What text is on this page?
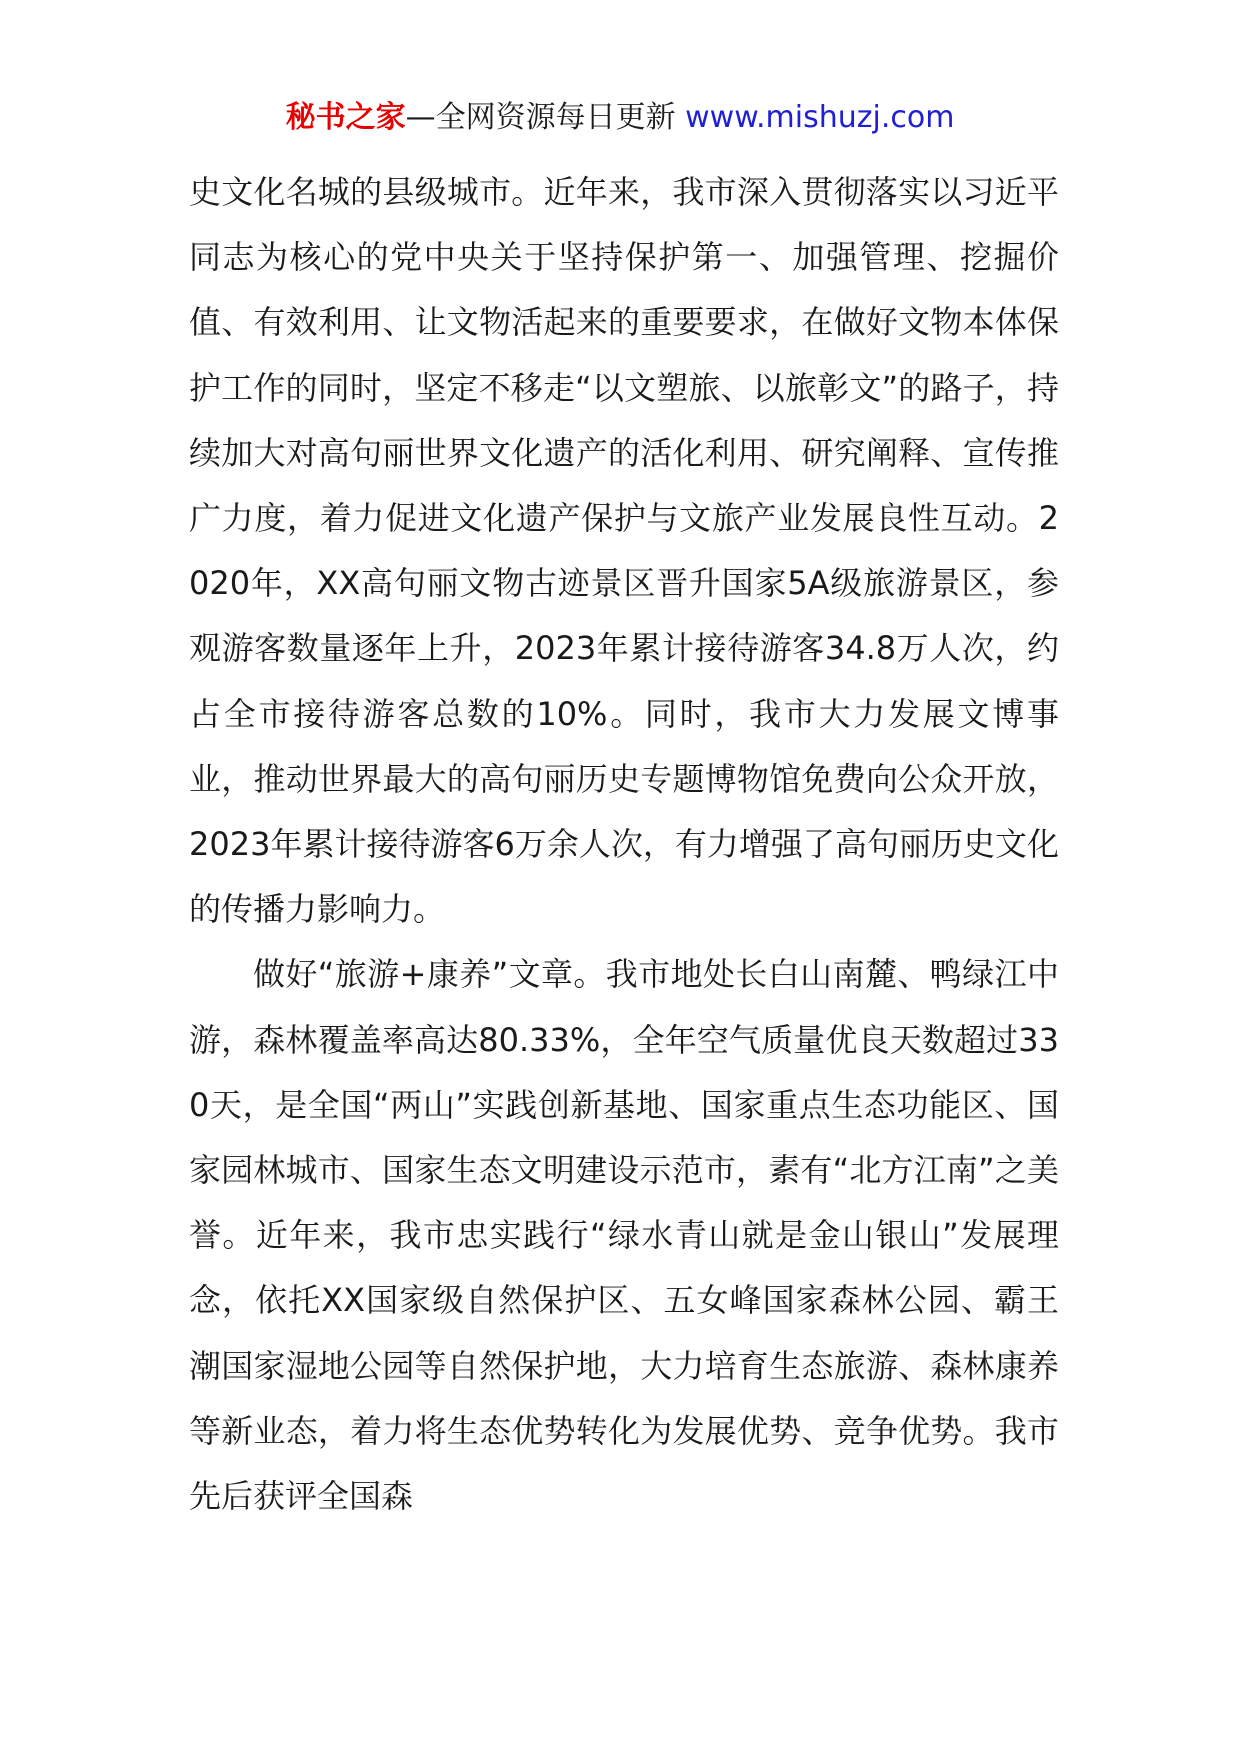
秘书之家—全网资源每日更新 www.mishuzj.com

史文化名城的县级城市。近年来，我市深入贯彻落实以习近平同志为核心的党中央关于坚持保护第一、加强管理、挖掘价值、有效利用、让文物活起来的重要要求，在做好文物本体保护工作的同时，坚定不移走“以文塑旅、以旅彰文”的路子，持续加大对高句丽世界文化遗产的活化利用、研究阐释、宣传推广力度，着力促进文化遗产保护与文旅产业发展良性互动。2020年，XX高句丽文物古迹景区晋升国家5A级旅游景区，参观游客数量逐年上升，2023年累计接待游客34.8万人次，约占全市接待游客总数的10%。同时，我市大力发展文博事业，推动世界最大的高句丽历史专题博物馆免费向公众开放，2023年累计接待游客6万余人次，有力增强了高句丽历史文化的传播力影响力。

做好“旅游+康养”文章。我市地处长白山南麓、鸭绿江中游，森林覆盖率高达80.33%，全年空气质量优良天数超过330天，是全国“两山”实践创新基地、国家重点生态功能区、国家园林城市、国家生态文明建设示范市，素有“北方江南”之美誉。近年来，我市忠实践行“绿水青山就是金山银山”发展理念，依托XX国家级自然保护区、五女峰国家森林公园、霸王潮国家湿地公园等自然保护地，大力培育生态旅游、森林康养等新业态，着力将生态优势转化为发展优势、竞争优势。我市先后获评全国森
